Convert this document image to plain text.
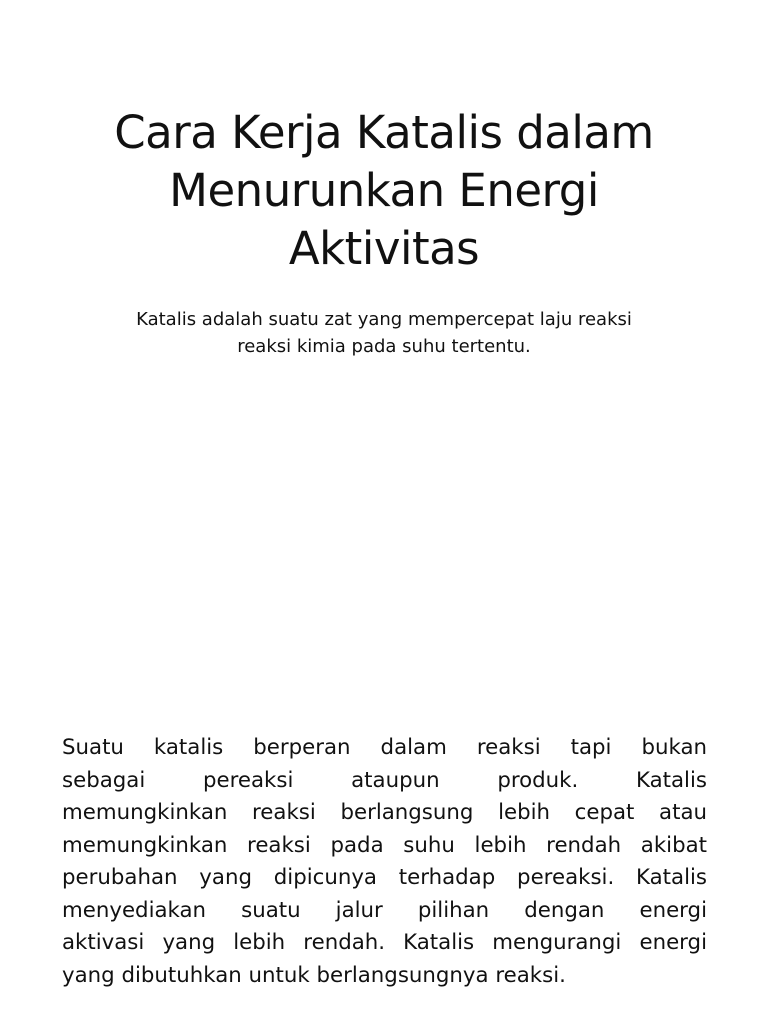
Cara Kerja Katalis dalam
Menurunkan Energi
Aktivitas

Katalis adalah suatu zat yang mempercepat laju reaksi
reaksi kimia pada suhu tertentu.

Suatu katalis berperan dalam reaksi tapi bukan
sebagai pereaksi ataupun produk. Katalis
memungkinkan reaksi berlangsung lebih cepat atau
memungkinkan reaksi pada suhu lebih rendah akibat
perubahan yang dipicunya terhadap pereaksi. Katalis
menyediakan suatu jalur pilihan dengan energi
aktivasi yang lebih rendah. Katalis mengurangi energi
yang dibutuhkan untuk berlangsungnya reaksi.
